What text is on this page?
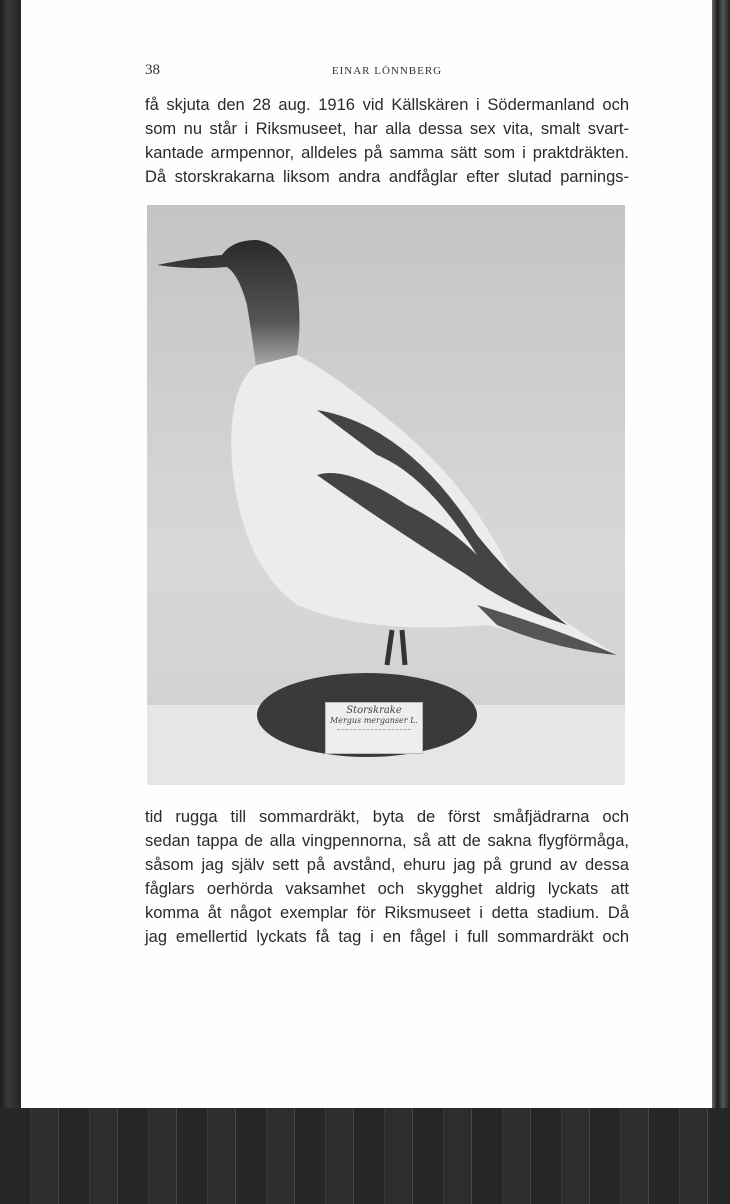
38	EINAR LÖNNBERG
få skjuta den 28 aug. 1916 vid Källskären i Södermanland och
som nu står i Riksmuseet, har alla dessa sex vita, smalt svart-
kantade armpennor, alldeles på samma sätt som i praktdräkten.
Då storskrakarna liksom andra andfåglar efter slutad parnings-
Storskrake
Mergus merganser L.
~~~~~~~~~~~~~~~~~~
tid rugga till sommardräkt, byta de först småfjädrarna och
sedan tappa de alla vingpennorna, så att de sakna flygförmåga,
såsom jag själv sett på avstånd, ehuru jag på grund av dessa
fåglars oerhörda vaksamhet och skygghet aldrig lyckats att
komma åt något exemplar för Riksmuseet i detta stadium. Då
jag emellertid lyckats få tag i en fågel i full sommardräkt och
